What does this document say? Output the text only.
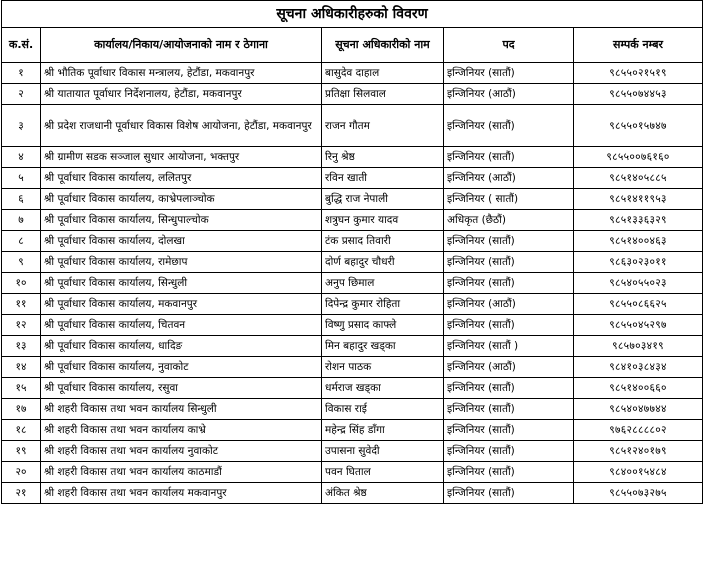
सूचना अधिकारीहरुको विवरण				
क.सं.	कार्यालय/निकाय/आयोजनाको नाम र ठेगाना	सूचना अधिकारीको नाम	पद	सम्पर्क नम्बर
१	श्री भौतिक पूर्वाधार विकास मन्त्रालय, हेटौंडा, मकवानपुर	बासुदेव दाहाल	इन्जिनियर (सातौं)	९८५५०२१५१९
२	श्री यातायात पूर्वाधार निर्देशनालय, हेटौंडा, मकवानपुर	प्रतिक्षा सिलवाल	इन्जिनियर (आठौं)	९८५५०७४४५३
३	श्री प्रदेश राजधानी पूर्वाधार विकास विशेष आयोजना, हेटौंडा, मकवानपुर	राजन गौतम	इन्जिनियर (सातौं)	९८५५०१५७४७
४	श्री ग्रामीण सडक सञ्जाल सुधार आयोजना, भक्तपुर	रिनु श्रेष्ठ	इन्जिनियर (सातौं)	९८५५००७६१६०
५	श्री पूर्वाधार विकास कार्यालय, ललितपुर	रविन खाती	इन्जिनियर (आठौं)	९८५१४०५८८५
६	श्री पूर्वाधार विकास कार्यालय, काभ्रेपलाञ्चोक	बुद्धि राज नेपाली	इन्जिनियर ( सातौं)	९८५१४११९५३
७	श्री पूर्वाधार विकास कार्यालय, सिन्धुपाल्चोक	शत्रुघन कुमार यादव	अधिकृत (छैठौं)	९८५१३३६३२९
८	श्री पूर्वाधार विकास कार्यालय, दोलखा	टंक प्रसाद तिवारी	इन्जिनियर (सातौं)	९८५१४००४६३
९	श्री पूर्वाधार विकास कार्यालय, रामेछाप	दोर्ण बहादुर चौधरी	इन्जिनियर (सातौं)	९८६३०२३०११
१०	श्री पूर्वाधार विकास कार्यालय, सिन्धुली	अनुप छिमाल	इन्जिनियर (सातौं)	९८५४०५५०२३
११	श्री पूर्वाधार विकास कार्यालय, मकवानपुर	दिपेन्द्र कुमार रोहिता	इन्जिनियर (आठौं)	९८५५०८६६२५
१२	श्री पूर्वाधार विकास कार्यालय, चितवन	विष्णु प्रसाद काफ्ले	इन्जिनियर (सातौं)	९८५५०४५२९७
१३	श्री पूर्वाधार विकास कार्यालय, धादिङ	मिन बहादुर खड्का	इन्जिनियर (सातौं )	९८५७०३४१९
१४	श्री पूर्वाधार विकास कार्यालय, नुवाकोट	रोशन पाठक	इन्जिनियर (आठौं)	९८४१०३८४३४
१५	श्री पूर्वाधार विकास कार्यालय, रसुवा	धर्मराज खड्का	इन्जिनियर (सातौं)	९८५१४००६६०
१७	श्री शहरी विकास तथा भवन कार्यालय सिन्धुली	विकास राई	इन्जिनियर (सातौं)	९८५४०४७७४४
१८	श्री शहरी विकास तथा भवन कार्यालय काभ्रे	महेन्द्र सिंह डाँगा	इन्जिनियर (सातौं)	९७६२८८८८०२
१९	श्री शहरी विकास तथा भवन कार्यालय नुवाकोट	उपासना सुवेदी	इन्जिनियर (सातौं)	९८५१२४०१७९
२०	श्री शहरी विकास तथा भवन कार्यालय काठमाडौं	पवन घिताल	इन्जिनियर (सातौं)	९८४००१५४८४
२१	श्री शहरी विकास तथा भवन कार्यालय मकवानपुर	अंकित श्रेष्ठ	इन्जिनियर (सातौं)	९८५५०७३२७५
